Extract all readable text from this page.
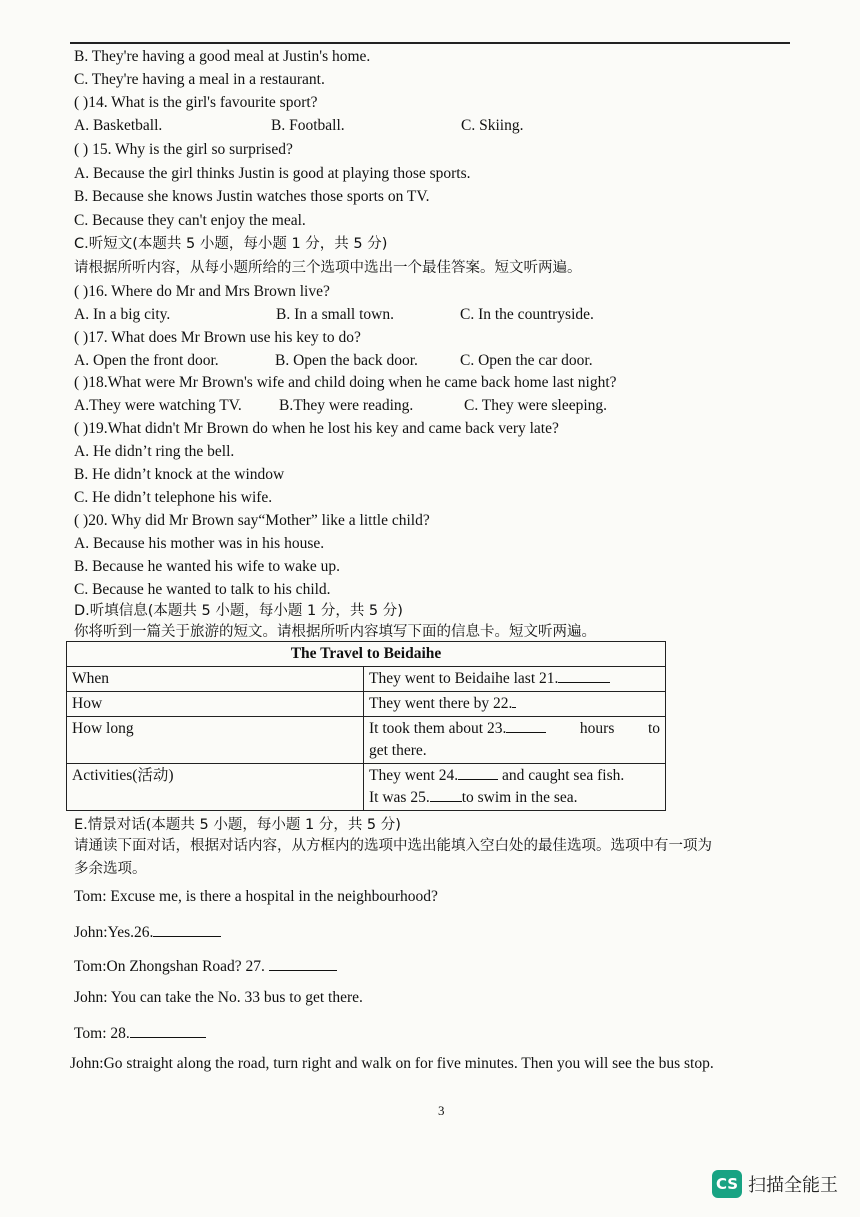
B. They're having a good meal at Justin's home.
C. They're having a meal in a restaurant.
( )14. What is the girl's favourite sport?
A. Basketball.	B. Football.	C. Skiing.
( ) 15. Why is the girl so surprised?
A. Because the girl thinks Justin is good at playing those sports.
B. Because she knows Justin watches those sports on TV.
C. Because they can't enjoy the meal.
C.听短文(本题共 5 小题，每小题 1 分，共 5 分)
请根据所听内容，从每小题所给的三个选项中选出一个最佳答案。短文听两遍。
( )16. Where do Mr and Mrs Brown live?
A. In a big city.	B. In a small town.	C. In the countryside.
( )17. What does Mr Brown use his key to do?
A. Open the front door.	B. Open the back door.	C. Open the car door.
( )18.What were Mr Brown's wife and child doing when he came back home last night?
A.They were watching TV. B.They were reading.	C. They were sleeping.
( )19.What didn't Mr Brown do when he lost his key and came back very late?
A. He didn’t ring the bell.
B. He didn’t knock at the window
C. He didn’t telephone his wife.
( )20. Why did Mr Brown say“Mother” like a little child?
A. Because his mother was in his house.
B. Because he wanted his wife to wake up.
C. Because he wanted to talk to his child.
D.听填信息(本题共 5 小题，每小题 1 分，共 5 分)
你将听到一篇关于旅游的短文。请根据所听内容填写下面的信息卡。短文听两遍。
The Travel to Beidaihe	
When	They went to Beidaihe last 21.
How	They went there by 22.
How long	It took them about 23. hours to
get there.

Activities(活动)	They went 24. and caught sea fish.
It was 25. to swim in the sea.
E.情景对话(本题共 5 小题，每小题 1 分，共 5 分)
请通读下面对话，根据对话内容，从方框内的选项中选出能填入空白处的最佳选项。选项中有一项为
多余选项。
Tom: Excuse me, is there a hospital in the neighbourhood?
John:Yes.26.
Tom:On Zhongshan Road? 27.
John: You can take the No. 33 bus to get there.
Tom: 28.
John:Go straight along the road, turn right and walk on for five minutes. Then you will see the bus stop.
3
CS 扫描全能王
